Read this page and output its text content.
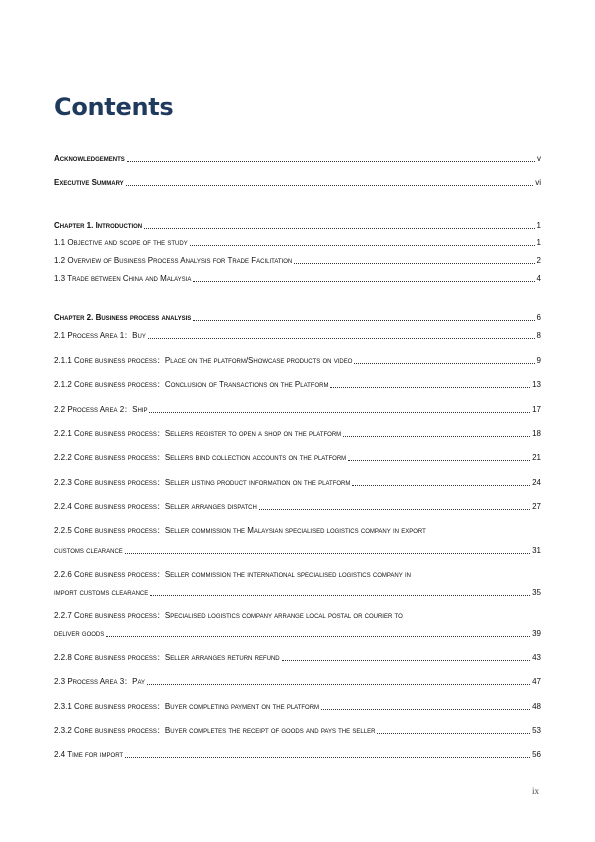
Contents
Acknowledgements	v
Executive Summary	vi
Chapter 1. Introduction	1
1.1 Objective and scope of the study	1
1.2 Overview of Business Process Analysis for Trade Facilitation	2
1.3 Trade between China and Malaysia	4
Chapter 2. Business process analysis	6
2.1 Process Area 1：Buy	8
2.1.1 Core business process：Place on the platform/Showcase products on video	9
2.1.2 Core business process：Conclusion of Transactions on the Platform	13
2.2 Process Area 2：Ship	17
2.2.1 Core business process：Sellers register to open a shop on the platform	18
2.2.2 Core business process：Sellers bind collection accounts on the platform	21
2.2.3 Core business process：Seller listing product information on the platform	24
2.2.4 Core business process：Seller arranges dispatch	27
2.2.5 Core business process：Seller commission the Malaysian specialised logistics company in export
customs clearance	31
2.2.6 Core business process：Seller commission the international specialised logistics company in
import customs clearance	35
2.2.7 Core business process：Specialised logistics company arrange local postal or courier to
deliver goods	39
2.2.8 Core business process：Seller arranges return refund	43
2.3 Process Area 3：Pay	47
2.3.1 Core business process：Buyer completing payment on the platform	48
2.3.2 Core business process：Buyer completes the receipt of goods and pays the seller	53
2.4 Time for import	56
ix
